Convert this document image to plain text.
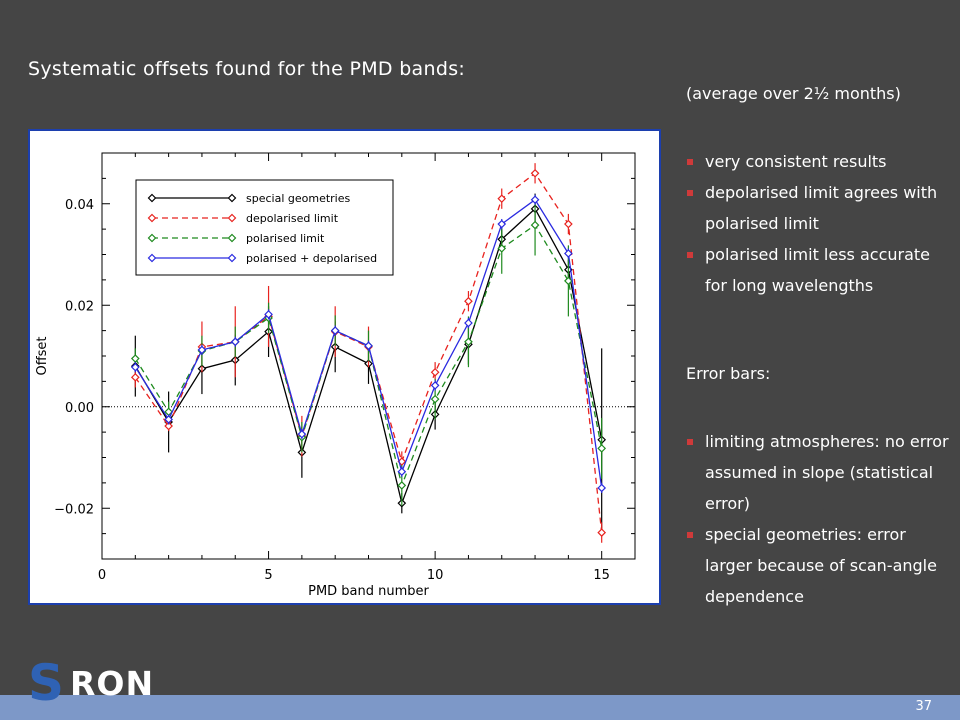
Systematic offsets found for the PMD bands:
(average over 2½ months)
very consistent results
depolarised limit agrees with polarised limit
polarised limit less accurate for long wavelengths
Error bars:
limiting atmospheres: no error assumed in slope (statistical error)
special geometries: error larger because of scan-angle dependence
0	5	10	15
−0.02
0.00
0.02
0.04
PMD band number
Offset
special geometries
depolarised limit
polarised limit
polarised + depolarised
37
S RON
